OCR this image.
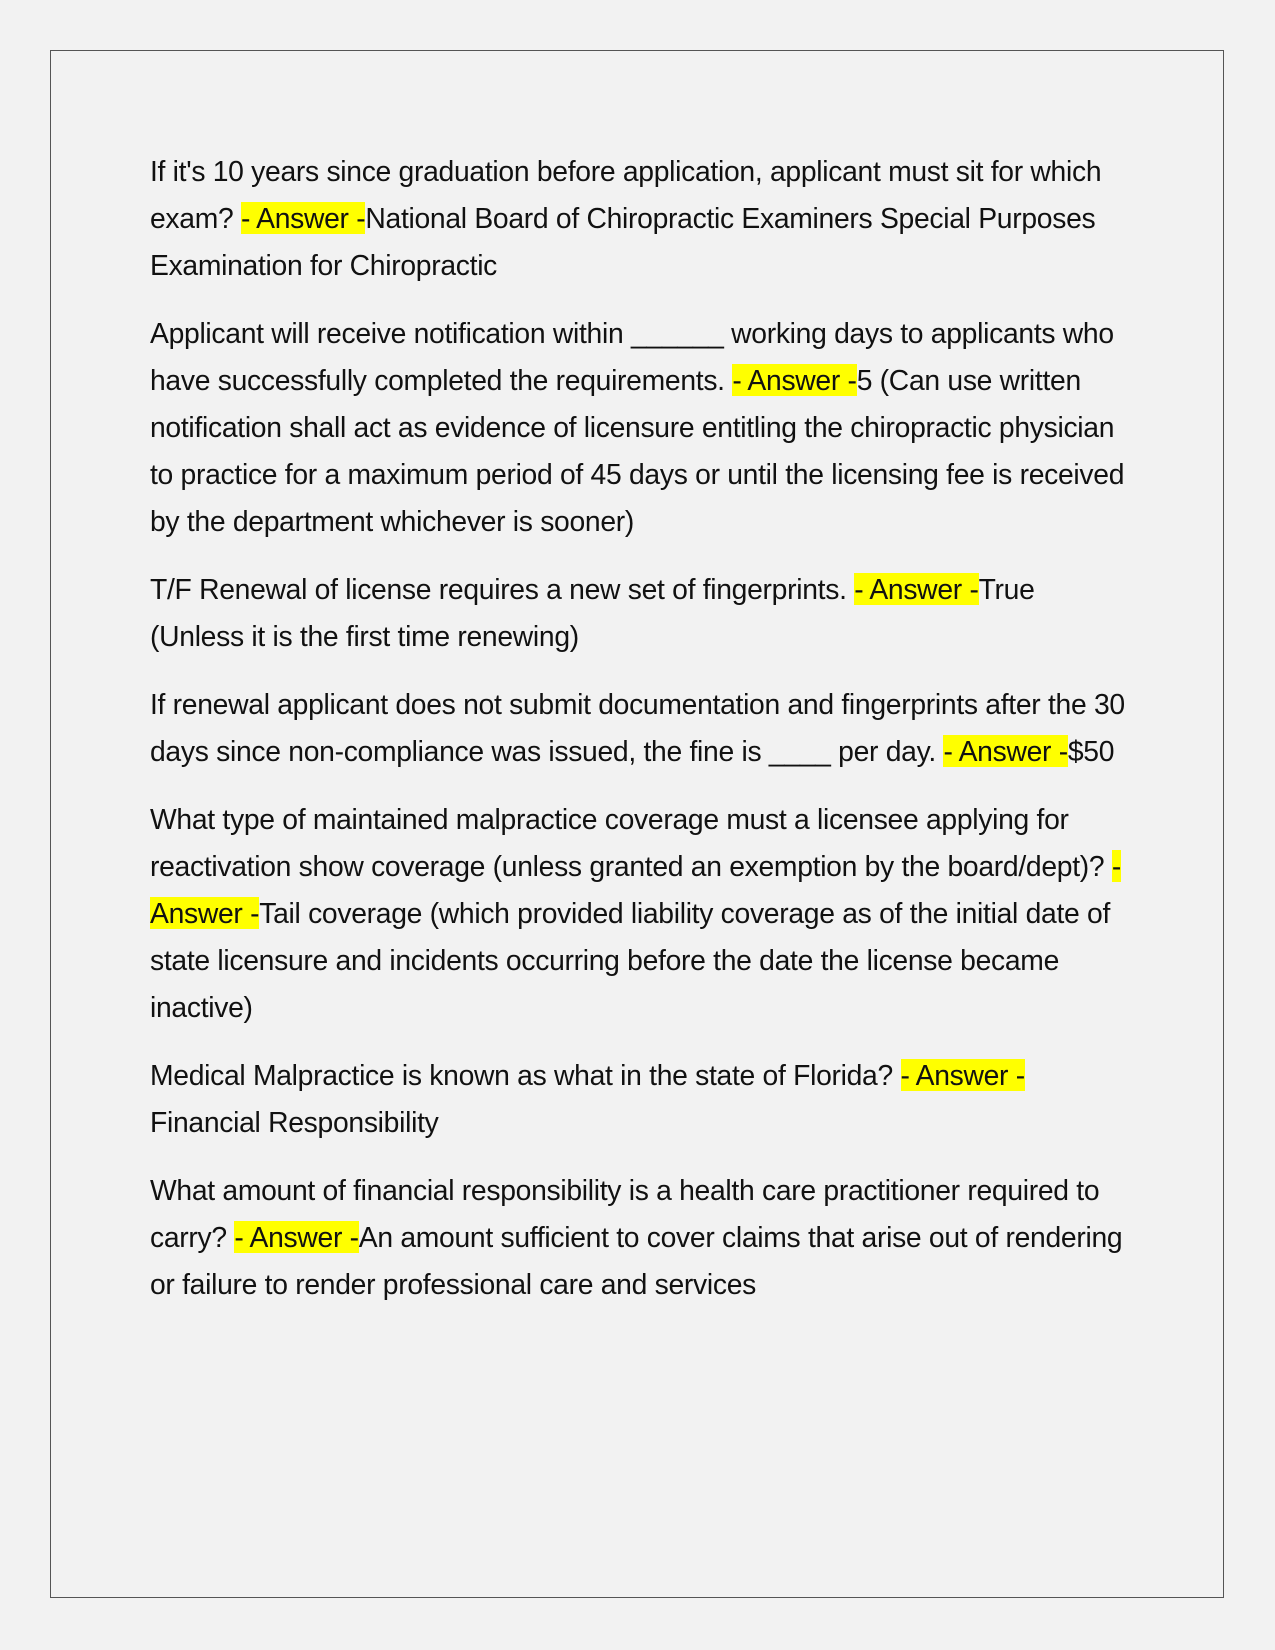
If it's 10 years since graduation before application, applicant must sit for which exam? - Answer -National Board of Chiropractic Examiners Special Purposes Examination for Chiropractic

Applicant will receive notification within ______ working days to applicants who have successfully completed the requirements. - Answer -5 (Can use written notification shall act as evidence of licensure entitling the chiropractic physician to practice for a maximum period of 45 days or until the licensing fee is received by the department whichever is sooner)

T/F Renewal of license requires a new set of fingerprints. - Answer -True (Unless it is the first time renewing)

If renewal applicant does not submit documentation and fingerprints after the 30 days since non-compliance was issued, the fine is ____ per day. - Answer -$50

What type of maintained malpractice coverage must a licensee applying for reactivation show coverage (unless granted an exemption by the board/dept)? - Answer -Tail coverage (which provided liability coverage as of the initial date of state licensure and incidents occurring before the date the license became inactive)

Medical Malpractice is known as what in the state of Florida? - Answer -Financial Responsibility

What amount of financial responsibility is a health care practitioner required to carry? - Answer -An amount sufficient to cover claims that arise out of rendering or failure to render professional care and services
